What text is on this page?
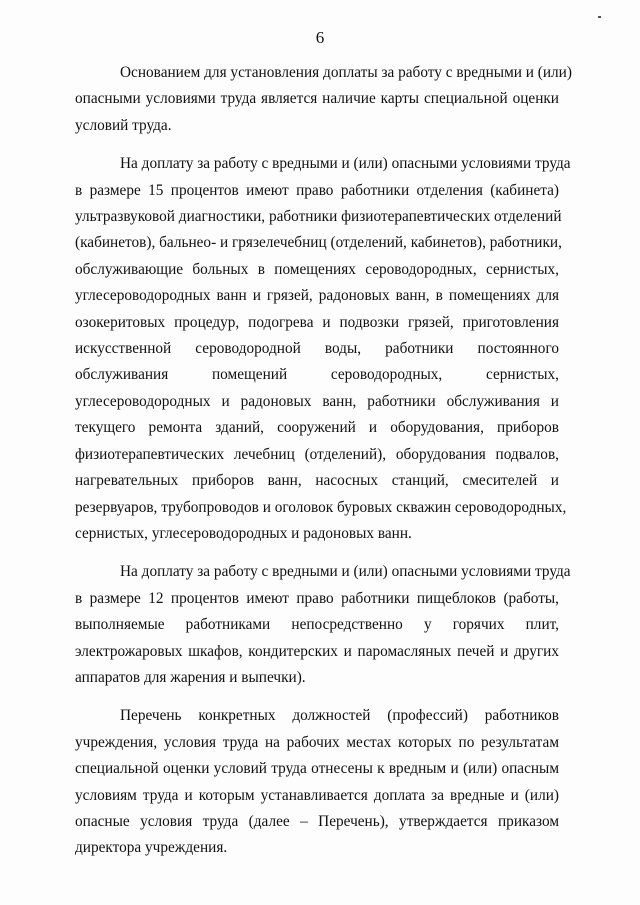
6
Основанием для установления доплаты за работу с вредными и (или)
опасными условиями труда является наличие карты специальной оценки
условий труда.
На доплату за работу с вредными и (или) опасными условиями труда
в размере 15 процентов имеют право работники отделения (кабинета)
ультразвуковой диагностики, работники физиотерапевтических отделений
(кабинетов), бальнео- и грязелечебниц (отделений, кабинетов), работники,
обслуживающие больных в помещениях сероводородных, сернистых,
углесероводородных ванн и грязей, радоновых ванн, в помещениях для
озокеритовых процедур, подогрева и подвозки грязей, приготовления
искусственной сероводородной воды, работники постоянного
обслуживания помещений сероводородных, сернистых,
углесероводородных и радоновых ванн, работники обслуживания и
текущего ремонта зданий, сооружений и оборудования, приборов
физиотерапевтических лечебниц (отделений), оборудования подвалов,
нагревательных приборов ванн, насосных станций, смесителей и
резервуаров, трубопроводов и оголовок буровых скважин сероводородных,
сернистых, углесероводородных и радоновых ванн.
На доплату за работу с вредными и (или) опасными условиями труда
в размере 12 процентов имеют право работники пищеблоков (работы,
выполняемые работниками непосредственно у горячих плит,
электрожаровых шкафов, кондитерских и паромасляных печей и других
аппаратов для жарения и выпечки).
Перечень конкретных должностей (профессий) работников
учреждения, условия труда на рабочих местах которых по результатам
специальной оценки условий труда отнесены к вредным и (или) опасным
условиям труда и которым устанавливается доплата за вредные и (или)
опасные условия труда (далее – Перечень), утверждается приказом
директора учреждения.
